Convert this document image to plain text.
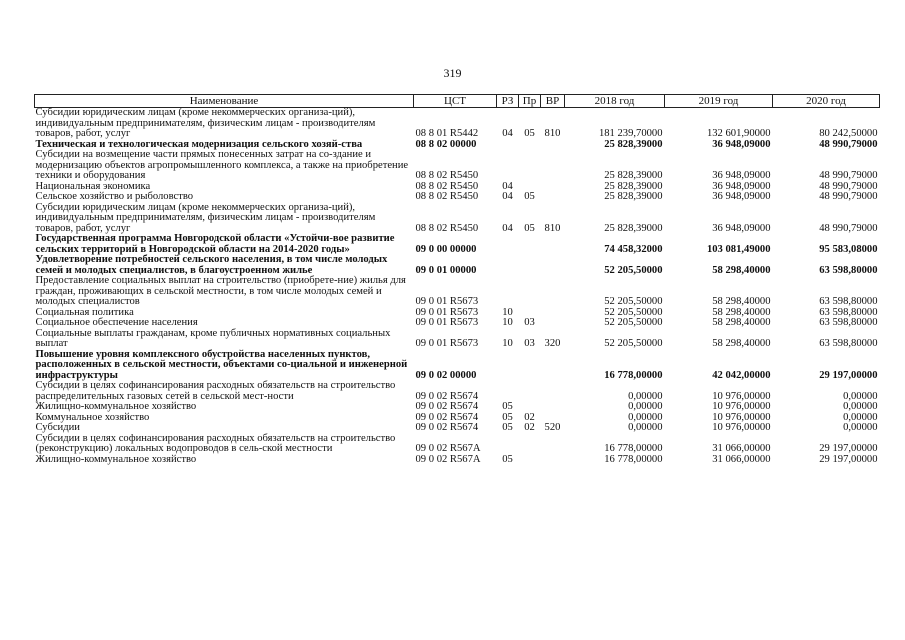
319
Наименование	ЦСТ	РЗ	Пр	ВР	2018 год	2019 год	2020 год
Субсидии юридическим лицам (кроме некоммерческих организа-ций), индивидуальным предпринимателям, физическим лицам - производителям товаров, работ, услуг	08 8 01 R5442	04	05	810	181 239,70000	132 601,90000	80 242,50000
Техническая и технологическая модернизация сельского хозяй-ства	08 8 02 00000				25 828,39000	36 948,09000	48 990,79000
Субсидии на возмещение части прямых понесенных затрат на со-здание и модернизацию объектов агропромышленного комплекса, а также на приобретение техники и оборудования	08 8 02 R5450				25 828,39000	36 948,09000	48 990,79000
Национальная экономика	08 8 02 R5450	04			25 828,39000	36 948,09000	48 990,79000
Сельское хозяйство и рыболовство	08 8 02 R5450	04	05		25 828,39000	36 948,09000	48 990,79000
Субсидии юридическим лицам (кроме некоммерческих организа-ций), индивидуальным предпринимателям, физическим лицам - производителям товаров, работ, услуг	08 8 02 R5450	04	05	810	25 828,39000	36 948,09000	48 990,79000
Государственная программа Новгородской области «Устойчи-вое развитие сельских территорий в Новгородской области на 2014-2020 годы»	09 0 00 00000				74 458,32000	103 081,49000	95 583,08000
Удовлетворение потребностей сельского населения, в том числе молодых семей и молодых специалистов, в благоустроенном жилье	09 0 01 00000				52 205,50000	58 298,40000	63 598,80000
Предоставление социальных выплат на строительство (приобрете-ние) жилья для граждан, проживающих в сельской местности, в том числе молодых семей и молодых специалистов	09 0 01 R5673				52 205,50000	58 298,40000	63 598,80000
Социальная политика	09 0 01 R5673	10			52 205,50000	58 298,40000	63 598,80000
Социальное обеспечение населения	09 0 01 R5673	10	03		52 205,50000	58 298,40000	63 598,80000
Социальные выплаты гражданам, кроме публичных нормативных социальных выплат	09 0 01 R5673	10	03	320	52 205,50000	58 298,40000	63 598,80000
Повышение уровня комплексного обустройства населенных пунктов, расположенных в сельской местности, объектами со-циальной и инженерной инфраструктуры	09 0 02 00000				16 778,00000	42 042,00000	29 197,00000
Субсидии в целях софинансирования расходных обязательств на строительство распределительных газовых сетей в сельской мест-ности	09 0 02 R5674				0,00000	10 976,00000	0,00000
Жилищно-коммунальное хозяйство	09 0 02 R5674	05			0,00000	10 976,00000	0,00000
Коммунальное хозяйство	09 0 02 R5674	05	02		0,00000	10 976,00000	0,00000
Субсидии	09 0 02 R5674	05	02	520	0,00000	10 976,00000	0,00000
Субсидии в целях софинансирования расходных обязательств на строительство (реконструкцию) локальных водопроводов в сель-ской местности	09 0 02 R567А				16 778,00000	31 066,00000	29 197,00000
Жилищно-коммунальное хозяйство	09 0 02 R567А	05			16 778,00000	31 066,00000	29 197,00000
